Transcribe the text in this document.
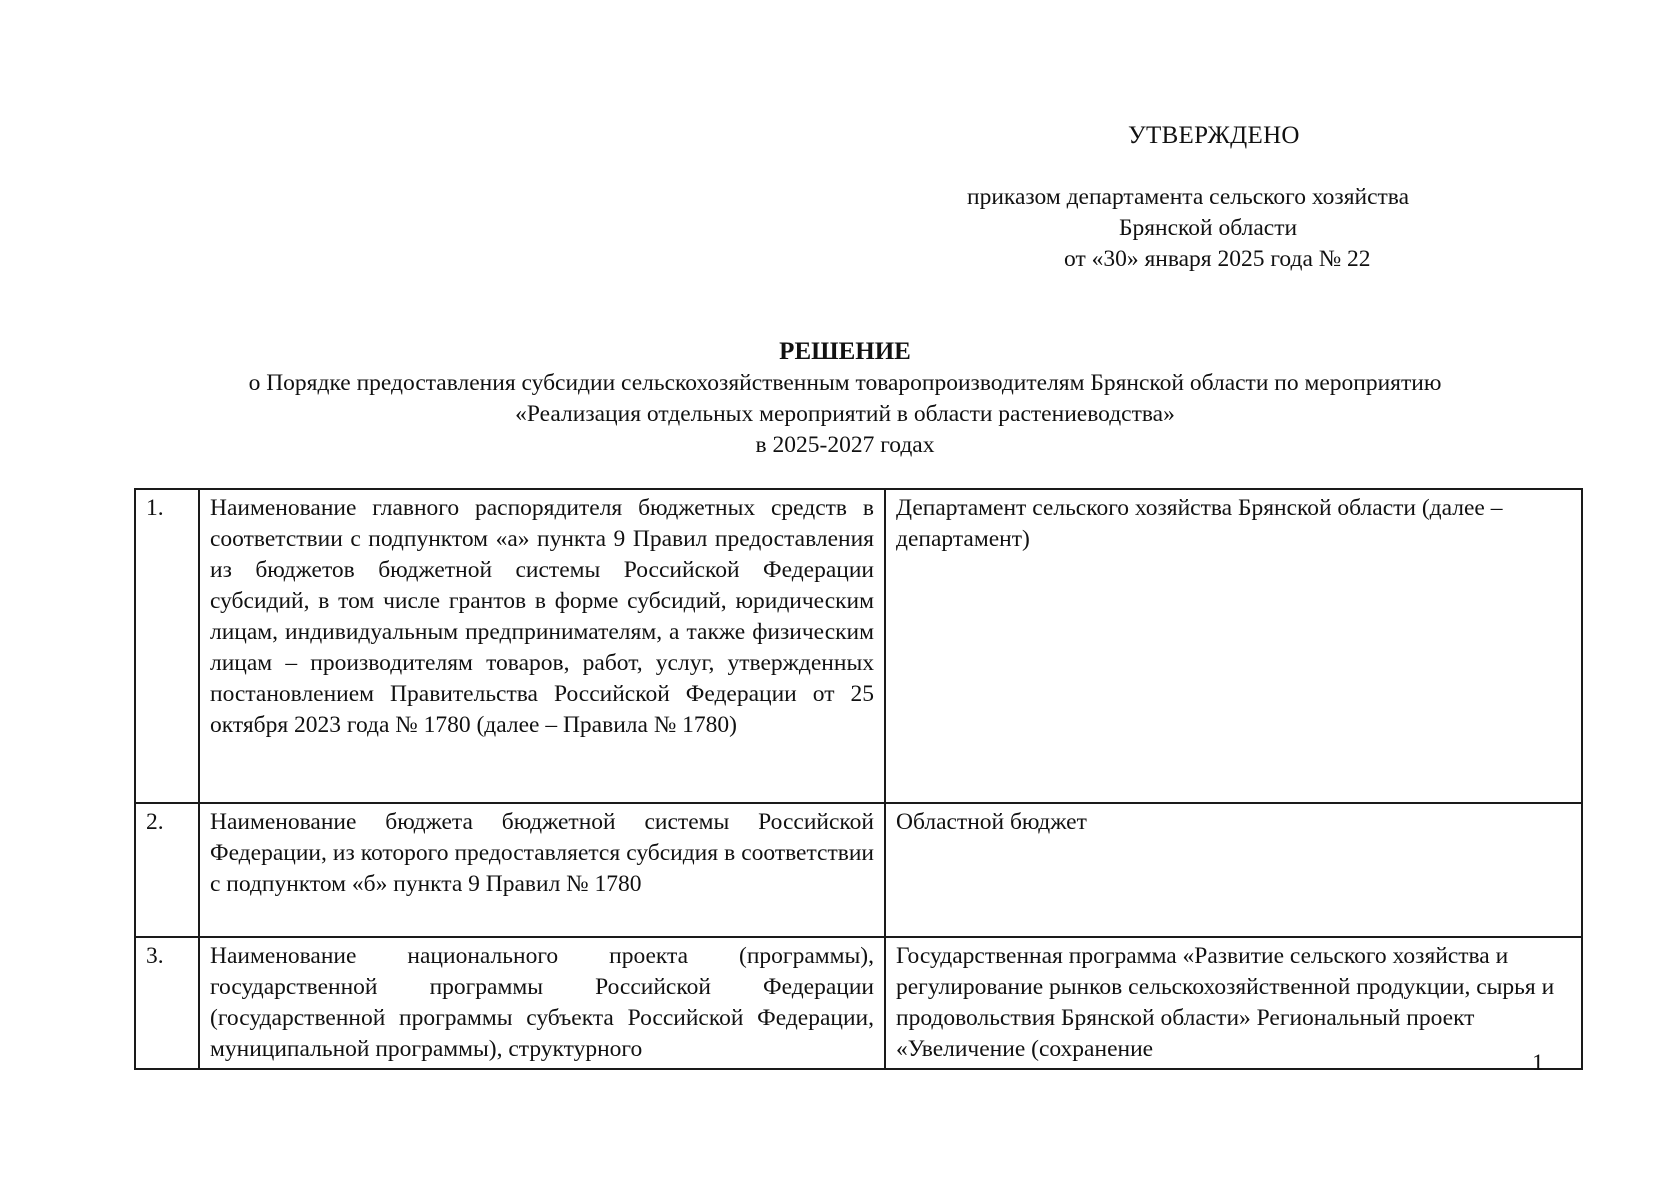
УТВЕРЖДЕНО
приказом департамента сельского хозяйства
Брянской области
от «30» января 2025 года № 22
РЕШЕНИЕ
о Порядке предоставления субсидии сельскохозяйственным товаропроизводителям Брянской области по мероприятию
«Реализация отдельных мероприятий в области растениеводства»
в 2025-2027 годах
1.	Наименование главного распорядителя бюджетных средств в соответствии с подпунктом «а» пункта 9 Правил предоставления из бюджетов бюджетной системы Российской Федерации субсидий, в том числе грантов в форме субсидий, юридическим лицам, индивидуальным предпринимателям, а также физическим лицам – производителям товаров, работ, услуг, утвержденных постановлением Правительства Российской Федерации от 25 октября 2023 года № 1780 (далее – Правила № 1780)	Департамент сельского хозяйства Брянской области (далее – департамент)

2.	Наименование бюджета бюджетной системы Российской Федерации, из которого предоставляется субсидия в соответствии с подпунктом «б» пункта 9 Правил № 1780	Областной бюджет

3.	Наименование национального проекта (программы), государственной программы Российской Федерации (государственной программы субъекта Российской Федерации, муниципальной программы), структурного	Государственная программа «Развитие сельского хозяйства и регулирование рынков сельскохозяйственной продукции, сырья и продовольствия Брянской области» Региональный проект «Увеличение (сохранение
1
